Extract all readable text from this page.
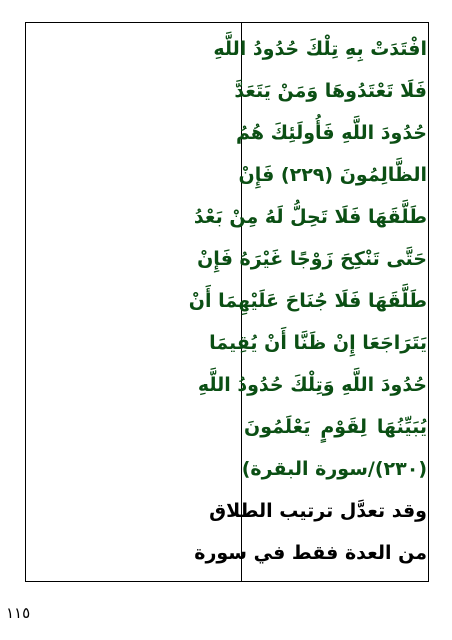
افْتَدَتْ بِهِ تِلْكَ حُدُودُ اللَّهِ
فَلَا تَعْتَدُوهَا وَمَنْ يَتَعَدَّ
حُدُودَ اللَّهِ فَأُولَئِكَ هُمُ
الظَّالِمُونَ (٢٢٩) فَإِنْ
طَلَّقَهَا فَلَا تَحِلُّ لَهُ مِنْ بَعْدُ
حَتَّى تَنْكِحَ زَوْجًا غَيْرَهُ فَإِنْ
طَلَّقَهَا فَلَا جُنَاحَ عَلَيْهِمَا أَنْ
يَتَرَاجَعَا إِنْ ظَنَّا أَنْ يُقِيمَا
حُدُودَ اللَّهِ وَتِلْكَ حُدُودُ اللَّهِ
يُبَيِّنُهَا لِقَوْمٍ يَعْلَمُونَ
(٢٣٠)/سورة البقرة)
وقد تعدَّل ترتيب الطلاق
من العدة فقط في سورة
١١٥
